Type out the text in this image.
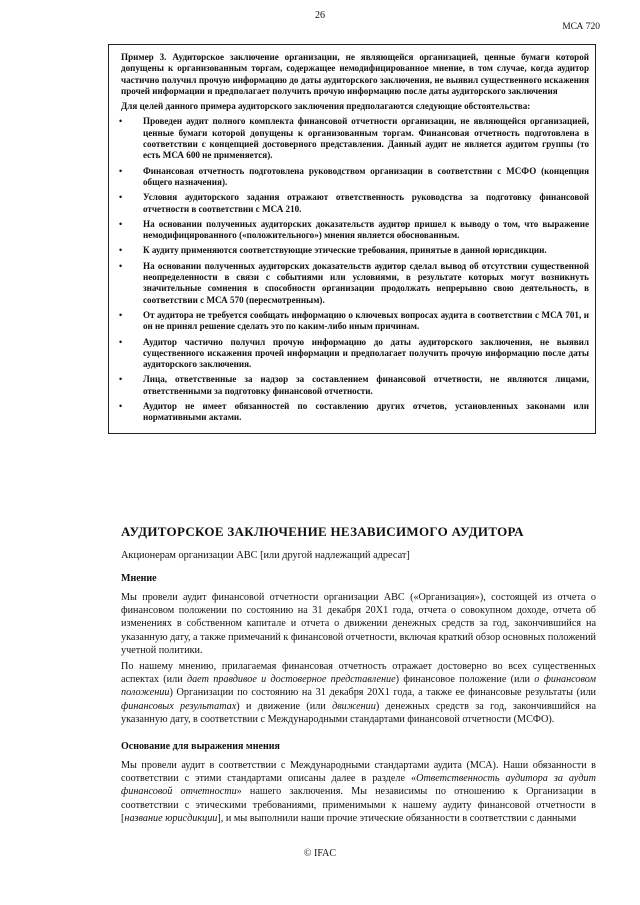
26
МСА 720

Пример 3. Аудиторское заключение организации, не являющейся организацией, ценные бумаги которой допущены к организованным торгам, содержащее немодифицированное мнение, в том случае, когда аудитор частично получил прочую информацию до даты аудиторского заключения, не выявил существенного искажения прочей информации и предполагает получить прочую информацию после даты аудиторского заключения

Для целей данного примера аудиторского заключения предполагаются следующие обстоятельства:

• Проведен аудит полного комплекта финансовой отчетности организации, не являющейся организацией, ценные бумаги которой допущены к организованным торгам. Финансовая отчетность подготовлена в соответствии с концепцией достоверного представления. Данный аудит не является аудитом группы (то есть МСА 600 не применяется).
• Финансовая отчетность подготовлена руководством организации в соответствии с МСФО (концепция общего назначения).
• Условия аудиторского задания отражают ответственность руководства за подготовку финансовой отчетности в соответствии с МСА 210.
• На основании полученных аудиторских доказательств аудитор пришел к выводу о том, что выражение немодифицированного («положительного») мнения является обоснованным.
• К аудиту применяются соответствующие этические требования, принятые в данной юрисдикции.
• На основании полученных аудиторских доказательств аудитор сделал вывод об отсутствии существенной неопределенности в связи с событиями или условиями, в результате которых могут возникнуть значительные сомнения в способности организации продолжать непрерывно свою деятельность, в соответствии с МСА 570 (пересмотренным).
• От аудитора не требуется сообщать информацию о ключевых вопросах аудита в соответствии с МСА 701, и он не принял решение сделать это по каким-либо иным причинам.
• Аудитор частично получил прочую информацию до даты аудиторского заключения, не выявил существенного искажения прочей информации и предполагает получить прочую информацию после даты аудиторского заключения.
• Лица, ответственные за надзор за составлением финансовой отчетности, не являются лицами, ответственными за подготовку финансовой отчетности.
• Аудитор не имеет обязанностей по составлению других отчетов, установленных законами или нормативными актами.
АУДИТОРСКОЕ ЗАКЛЮЧЕНИЕ НЕЗАВИСИМОГО АУДИТОРА

Акционерам организации АВС [или другой надлежащий адресат]

Мнение

Мы провели аудит финансовой отчетности организации АВС («Организация»), состоящей из отчета о финансовом положении по состоянию на 31 декабря 20Х1 года, отчета о совокупном доходе, отчета об изменениях в собственном капитале и отчета о движении денежных средств за год, закончившийся на указанную дату, а также примечаний к финансовой отчетности, включая краткий обзор основных положений учетной политики.

По нашему мнению, прилагаемая финансовая отчетность отражает достоверно во всех существенных аспектах (или дает правдивое и достоверное представление) финансовое положение (или о финансовом положении) Организации по состоянию на 31 декабря 20Х1 года, а также ее финансовые результаты (или финансовых результатах) и движение (или движении) денежных средств за год, закончившийся на указанную дату, в соответствии с Международными стандартами финансовой отчетности (МСФО).

Основание для выражения мнения

Мы провели аудит в соответствии с Международными стандартами аудита (МСА). Наши обязанности в соответствии с этими стандартами описаны далее в разделе «Ответственность аудитора за аудит финансовой отчетности» нашего заключения. Мы независимы по отношению к Организации в соответствии с этическими требованиями, применимыми к нашему аудиту финансовой отчетности в [название юрисдикции], и мы выполнили наши прочие этические обязанности в соответствии с данными

© IFAC
